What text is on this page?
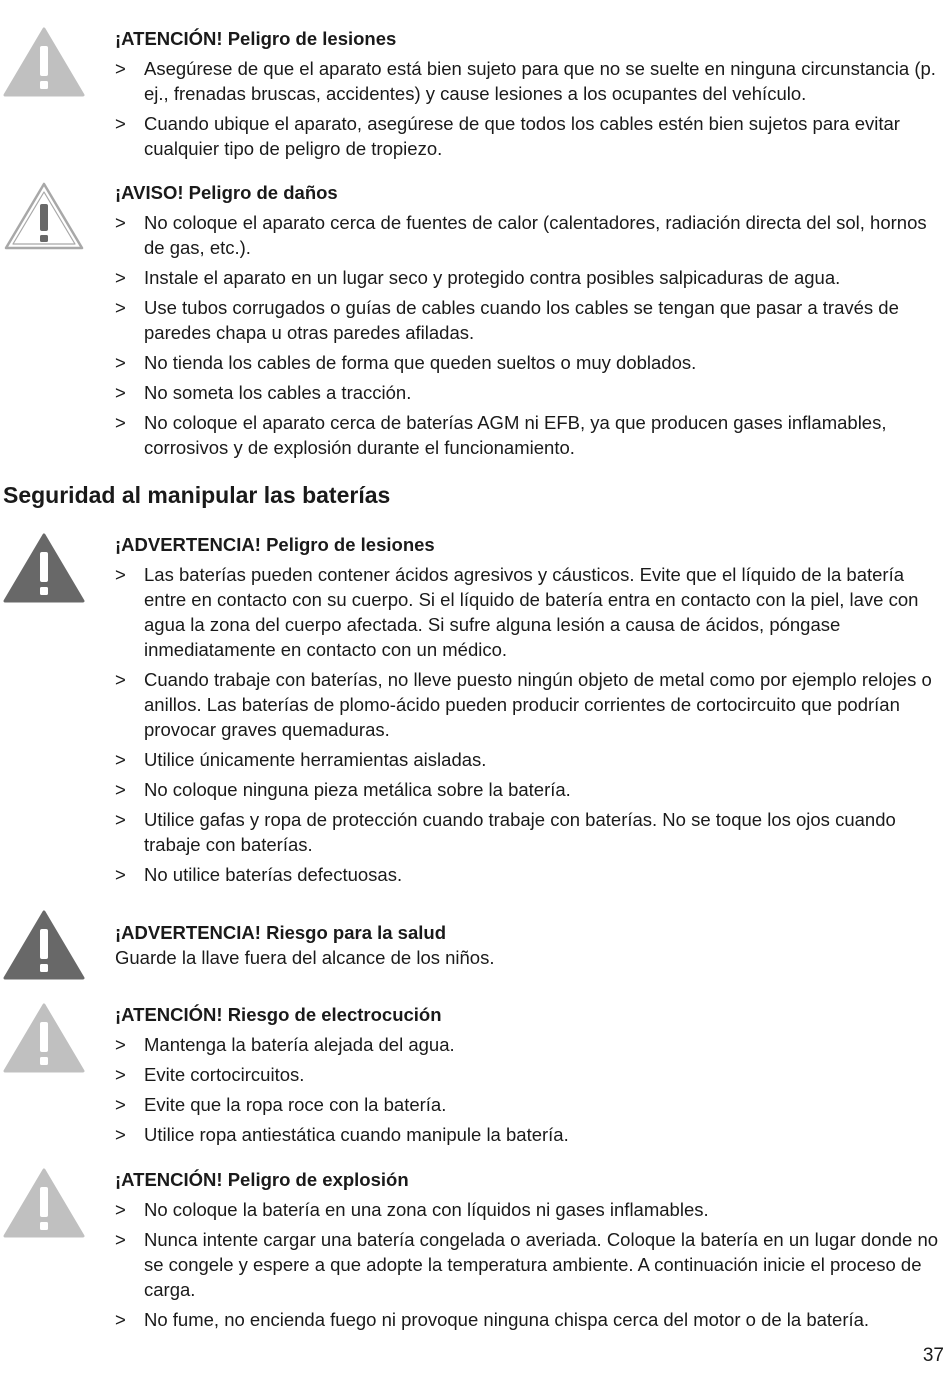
¡ATENCIÓN! Peligro de lesiones

> Asegúrese de que el aparato está bien sujeto para que no se suelte en ninguna circunstancia (p. ej., frenadas bruscas, accidentes) y cause lesiones a los ocupantes del vehículo.
> Cuando ubique el aparato, asegúrese de que todos los cables estén bien sujetos para evitar cualquier tipo de peligro de tropiezo.

¡AVISO! Peligro de daños

> No coloque el aparato cerca de fuentes de calor (calentadores, radiación directa del sol, hornos de gas, etc.).
> Instale el aparato en un lugar seco y protegido contra posibles salpicaduras de agua.
> Use tubos corrugados o guías de cables cuando los cables se tengan que pasar a través de paredes chapa u otras paredes afiladas.
> No tienda los cables de forma que queden sueltos o muy doblados.
> No someta los cables a tracción.
> No coloque el aparato cerca de baterías AGM ni EFB, ya que producen gases inflamables, corrosivos y de explosión durante el funcionamiento.
Seguridad al manipular las baterías

¡ADVERTENCIA! Peligro de lesiones

> Las baterías pueden contener ácidos agresivos y cáusticos. Evite que el líquido de la batería entre en contacto con su cuerpo. Si el líquido de batería entra en contacto con la piel, lave con agua la zona del cuerpo afectada. Si sufre alguna lesión a causa de ácidos, póngase inmediatamente en contacto con un médico.
> Cuando trabaje con baterías, no lleve puesto ningún objeto de metal como por ejemplo relojes o anillos. Las baterías de plomo-ácido pueden producir corrientes de cortocircuito que podrían provocar graves quemaduras.
> Utilice únicamente herramientas aisladas.
> No coloque ninguna pieza metálica sobre la batería.
> Utilice gafas y ropa de protección cuando trabaje con baterías. No se toque los ojos cuando trabaje con baterías.
> No utilice baterías defectuosas.

¡ADVERTENCIA! Riesgo para la salud

Guarde la llave fuera del alcance de los niños.

¡ATENCIÓN! Riesgo de electrocución

> Mantenga la batería alejada del agua.
> Evite cortocircuitos.
> Evite que la ropa roce con la batería.
> Utilice ropa antiestática cuando manipule la batería.

¡ATENCIÓN! Peligro de explosión

> No coloque la batería en una zona con líquidos ni gases inflamables.
> Nunca intente cargar una batería congelada o averiada. Coloque la batería en un lugar donde no se congele y espere a que adopte la temperatura ambiente. A continuación inicie el proceso de carga.
> No fume, no encienda fuego ni provoque ninguna chispa cerca del motor o de la batería.
37
